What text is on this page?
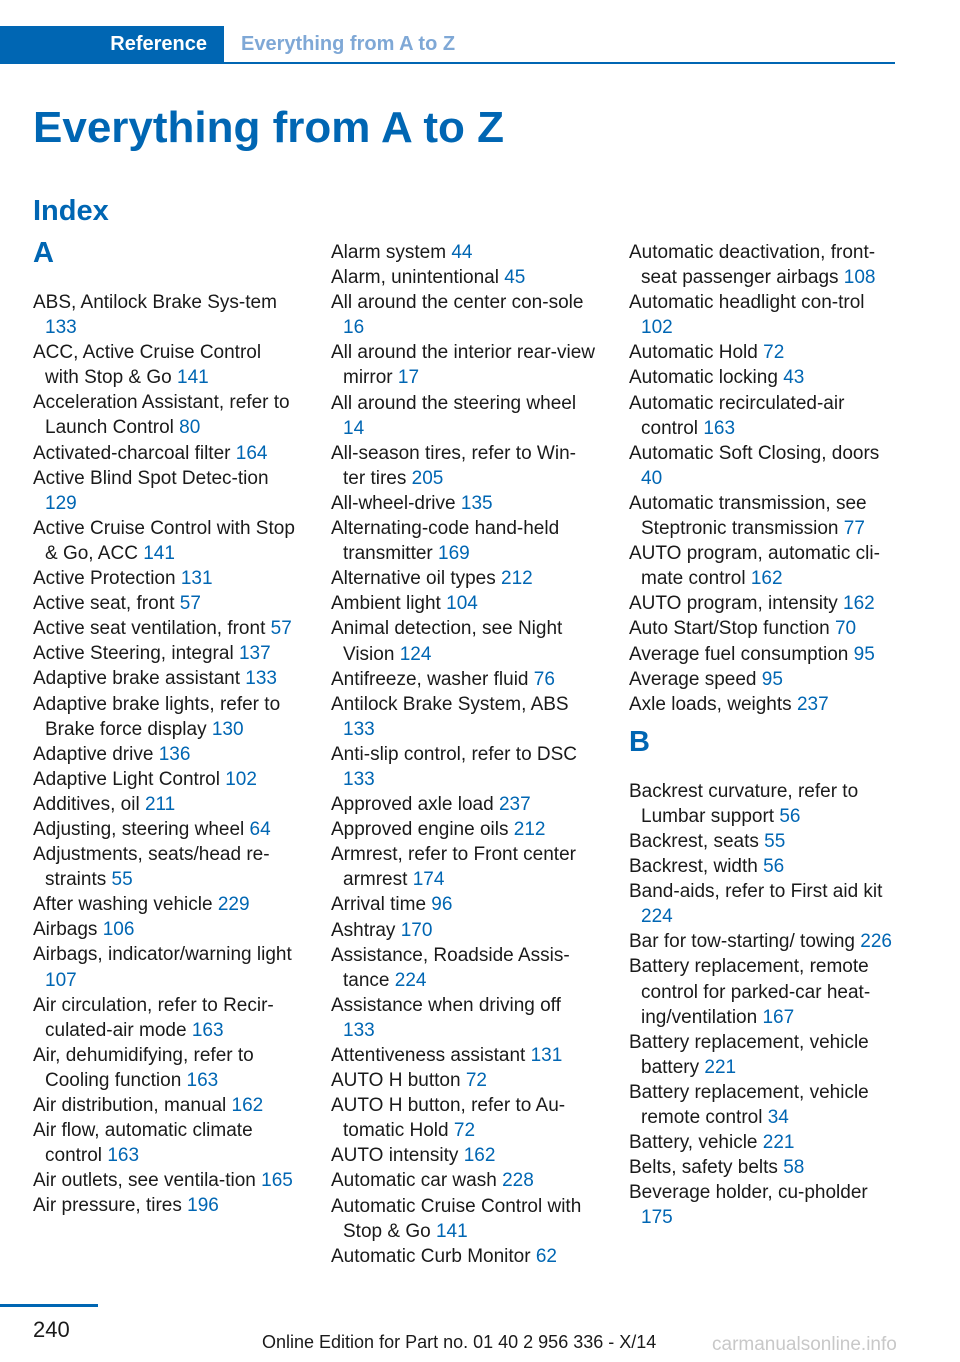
Reference	Everything from A to Z
Everything from A to Z
Index
A
ABS, Antilock Brake Sys-tem 133
ACC, Active Cruise Control with Stop & Go 141
Acceleration Assistant, refer to Launch Control 80
Activated-charcoal filter 164
Active Blind Spot Detec-tion 129
Active Cruise Control with Stop & Go, ACC 141
Active Protection 131
Active seat, front 57
Active seat ventilation, front 57
Active Steering, integral 137
Adaptive brake assistant 133
Adaptive brake lights, refer to Brake force display 130
Adaptive drive 136
Adaptive Light Control 102
Additives, oil 211
Adjusting, steering wheel 64
Adjustments, seats/head re-straints 55
After washing vehicle 229
Airbags 106
Airbags, indicator/warning light 107
Air circulation, refer to Recir-culated-air mode 163
Air, dehumidifying, refer to Cooling function 163
Air distribution, manual 162
Air flow, automatic climate control 163
Air outlets, see ventila-tion 165
Air pressure, tires 196
Alarm system 44
Alarm, unintentional 45
All around the center con-sole 16
All around the interior rear-view mirror 17
All around the steering wheel 14
All-season tires, refer to Win-ter tires 205
All-wheel-drive 135
Alternating-code hand-held transmitter 169
Alternative oil types 212
Ambient light 104
Animal detection, see Night Vision 124
Antifreeze, washer fluid 76
Antilock Brake System, ABS 133
Anti-slip control, refer to DSC 133
Approved axle load 237
Approved engine oils 212
Armrest, refer to Front center armrest 174
Arrival time 96
Ashtray 170
Assistance, Roadside Assis-tance 224
Assistance when driving off 133
Attentiveness assistant 131
AUTO H button 72
AUTO H button, refer to Au-tomatic Hold 72
AUTO intensity 162
Automatic car wash 228
Automatic Cruise Control with Stop & Go 141
Automatic Curb Monitor 62
Automatic deactivation, front-seat passenger airbags 108
Automatic headlight con-trol 102
Automatic Hold 72
Automatic locking 43
Automatic recirculated-air control 163
Automatic Soft Closing, doors 40
Automatic transmission, see Steptronic transmission 77
AUTO program, automatic cli-mate control 162
AUTO program, intensity 162
Auto Start/Stop function 70
Average fuel consumption 95
Average speed 95
Axle loads, weights 237
B
Backrest curvature, refer to Lumbar support 56
Backrest, seats 55
Backrest, width 56
Band-aids, refer to First aid kit 224
Bar for tow-starting/ towing 226
Battery replacement, remote control for parked-car heat-ing/ventilation 167
Battery replacement, vehicle battery 221
Battery replacement, vehicle remote control 34
Battery, vehicle 221
Belts, safety belts 58
Beverage holder, cu-pholder 175
240	Online Edition for Part no. 01 40 2 956 336 - X/14	carmanualsonline.info
